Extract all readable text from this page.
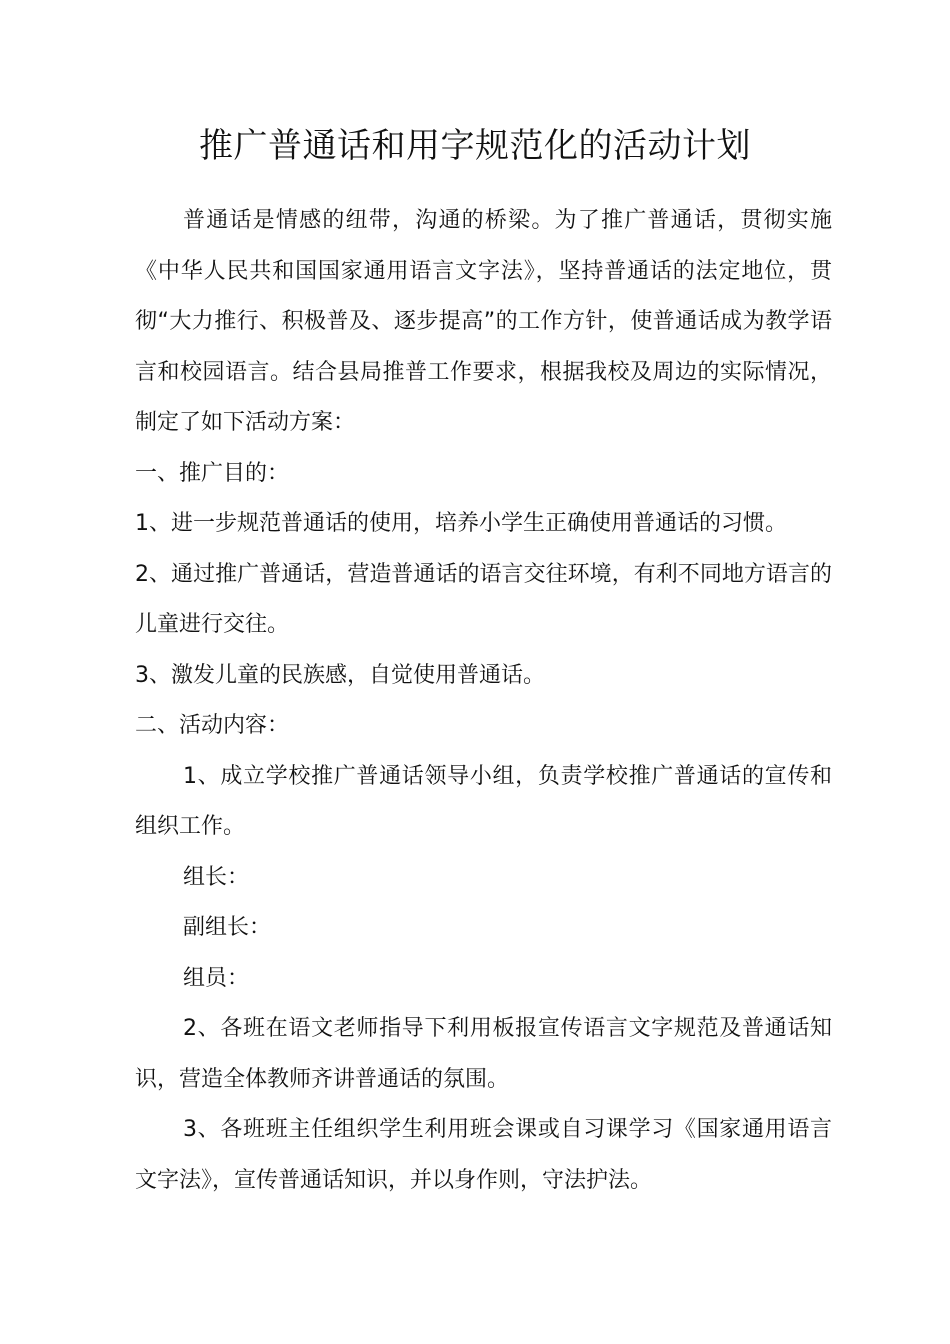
推广普通话和用字规范化的活动计划

普通话是情感的纽带，沟通的桥梁。为了推广普通话，贯彻实施《中华人民共和国国家通用语言文字法》，坚持普通话的法定地位，贯彻“大力推行、积极普及、逐步提高”的工作方针，使普通话成为教学语言和校园语言。结合县局推普工作要求，根据我校及周边的实际情况，制定了如下活动方案：

一、推广目的：

1、进一步规范普通话的使用，培养小学生正确使用普通话的习惯。

2、通过推广普通话，营造普通话的语言交往环境，有利不同地方语言的儿童进行交往。

3、激发儿童的民族感，自觉使用普通话。

二、活动内容：

1、成立学校推广普通话领导小组，负责学校推广普通话的宣传和组织工作。

组长：

副组长：

组员：

2、各班在语文老师指导下利用板报宣传语言文字规范及普通话知识，营造全体教师齐讲普通话的氛围。

3、各班班主任组织学生利用班会课或自习课学习《国家通用语言文字法》，宣传普通话知识，并以身作则，守法护法。
